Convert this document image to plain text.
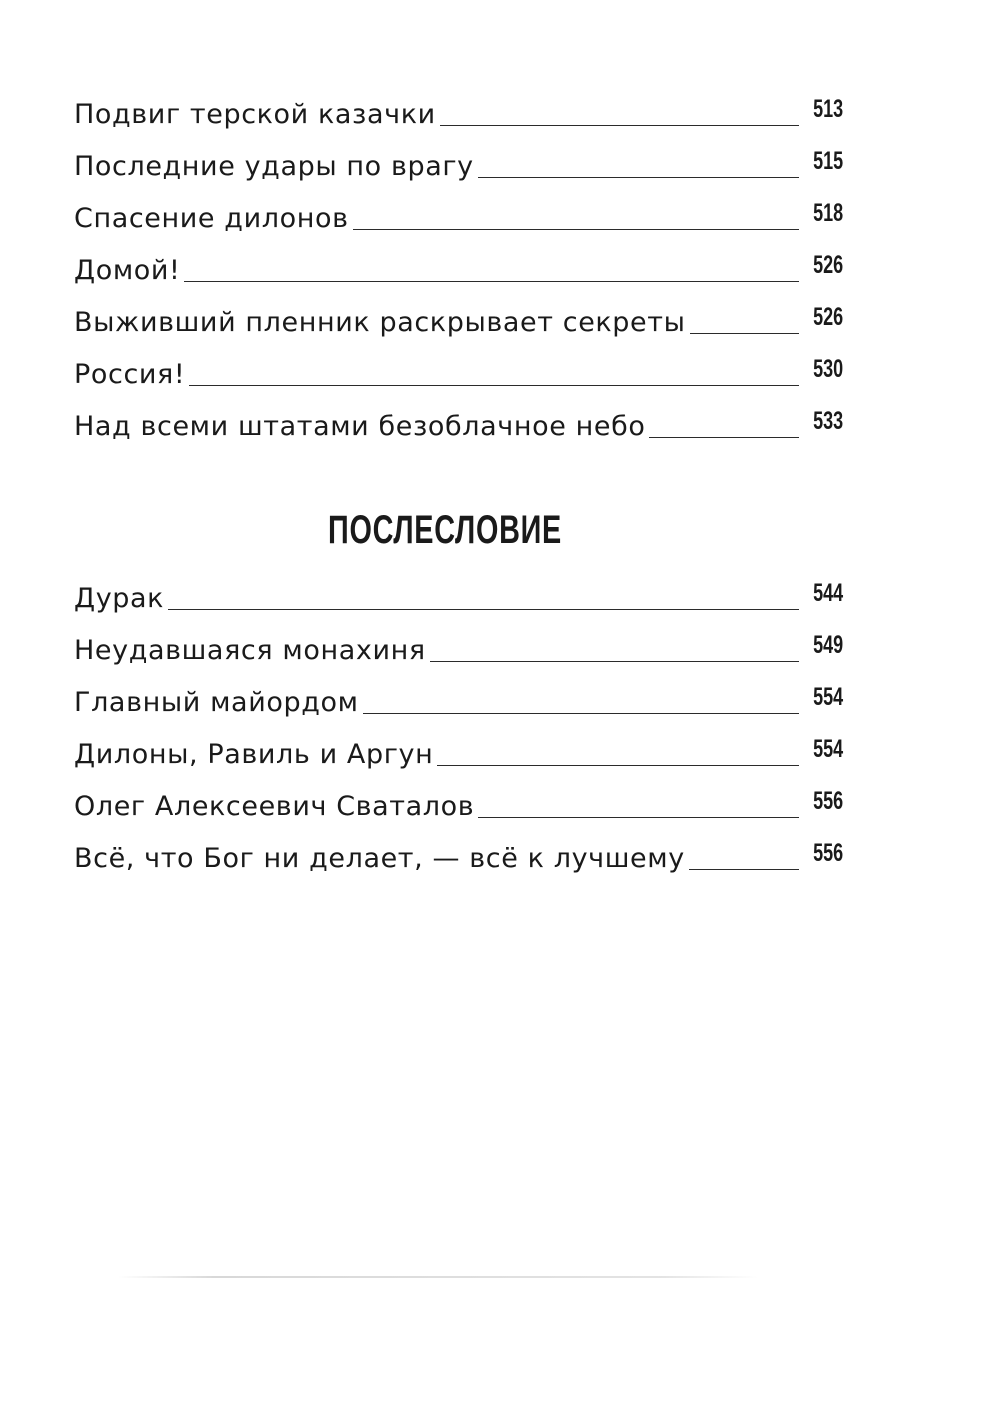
Подвиг терской казачки	513
Последние удары по врагу	515
Спасение дилонов	518
Домой!	526
Выживший пленник раскрывает секреты	526
Россия!	530
Над всеми штатами безоблачное небо	533
ПОСЛЕСЛОВИЕ
Дурак	544
Неудавшаяся монахиня	549
Главный майордом	554
Дилоны, Равиль и Аргун	554
Олег Алексеевич Сваталов	556
Всё, что Бог ни делает, — всё к лучшему	556
